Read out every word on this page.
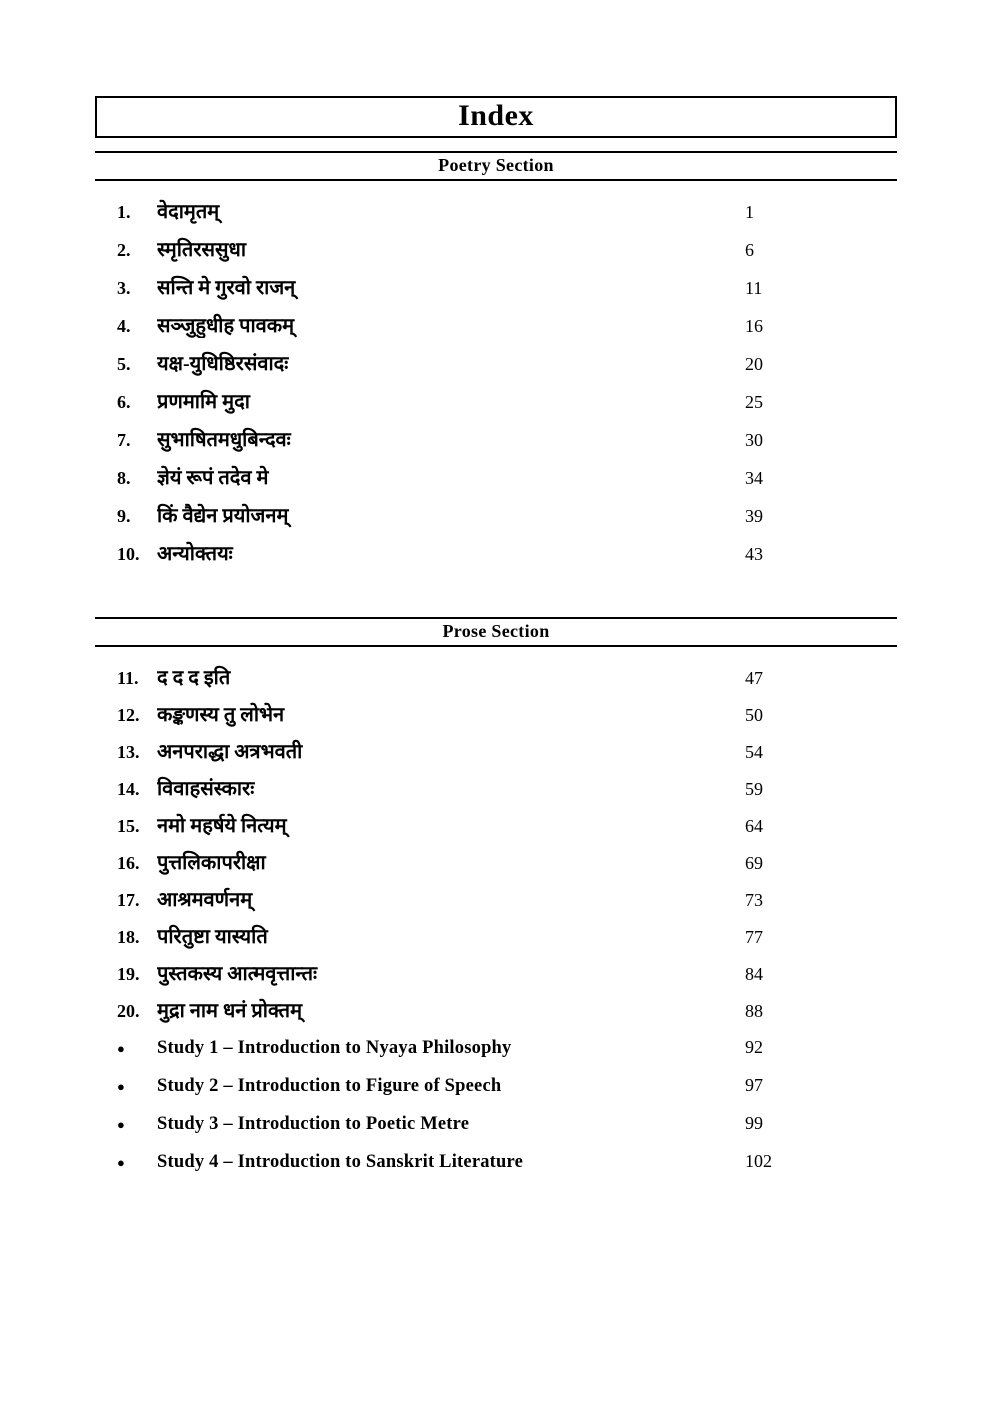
Index
Poetry Section
1.	वेदामृतम्	1
2.	स्मृतिरससुधा	6
3.	सन्ति मे गुरवो राजन्	11
4.	सञ्जुहुधीह पावकम्	16
5.	यक्ष-युधिष्ठिरसंवादः	20
6.	प्रणमामि मुदा	25
7.	सुभाषितमधुबिन्दवः	30
8.	ज्ञेयं रूपं तदेव मे	34
9.	किं वैद्येन प्रयोजनम्	39
10. अन्योक्तयः	43
Prose Section
11. द द द इति	47
12. कङ्कणस्य तु लोभेन	50
13. अनपराद्धा अत्रभवती	54
14. विवाहसंस्कारः	59
15. नमो महर्षये नित्यम्	64
16. पुत्तलिकापरीक्षा	69
17. आश्रमवर्णनम्	73
18. परितुष्टा यास्यति	77
19. पुस्तकस्य आत्मवृत्तान्तः	84
20. मुद्रा नाम धनं प्रोक्तम्	88
●	Study 1 – Introduction to Nyaya Philosophy	92
●	Study 2 – Introduction to Figure of Speech	97
●	Study 3 – Introduction to Poetic Metre	99
●	Study 4 – Introduction to Sanskrit Literature	102
